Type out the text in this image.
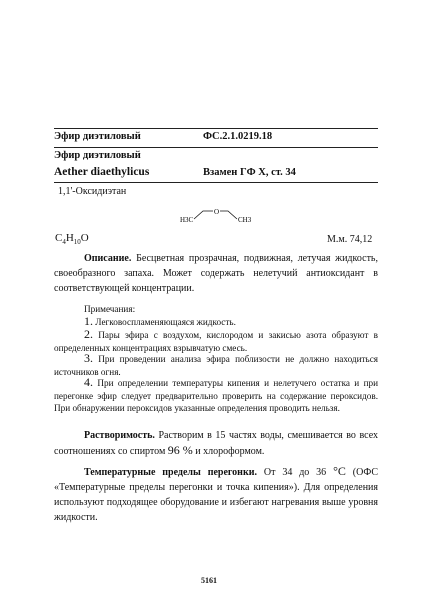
Эфир диэтиловый	ФС.2.1.0219.18
Эфир диэтиловый
Aether diaethylicus	Взамен ГФ X, ст. 34
1,1'-Оксидиэтан
H3C
O
CH3
$C_4H_{10}O$	М.м. 74,12
Описание. Бесцветная прозрачная, подвижная, летучая жидкость, своеобразного запаха. Может содержать нелетучий антиоксидант в соответствующей концентрации.
Примечания:
1. Легковоспламеняющаяся жидкость.
2. Пары эфира с воздухом, кислородом и закисью азота образуют в определенных концентрациях взрывчатую смесь.
3. При проведении анализа эфира поблизости не должно находиться источников огня.
4. При определении температуры кипения и нелетучего остатка и при перегонке эфир следует предварительно проверить на содержание пероксидов. При обнаружении пероксидов указанные определения проводить нельзя.
Растворимость. Растворим в 15 частях воды, смешивается во всех соотношениях со спиртом 96 % и хлороформом.
Температурные пределы перегонки. От 34 до 36 °С (ОФС «Температурные пределы перегонки и точка кипения»). Для определения используют подходящее оборудование и избегают нагревания выше уровня жидкости.
5161
